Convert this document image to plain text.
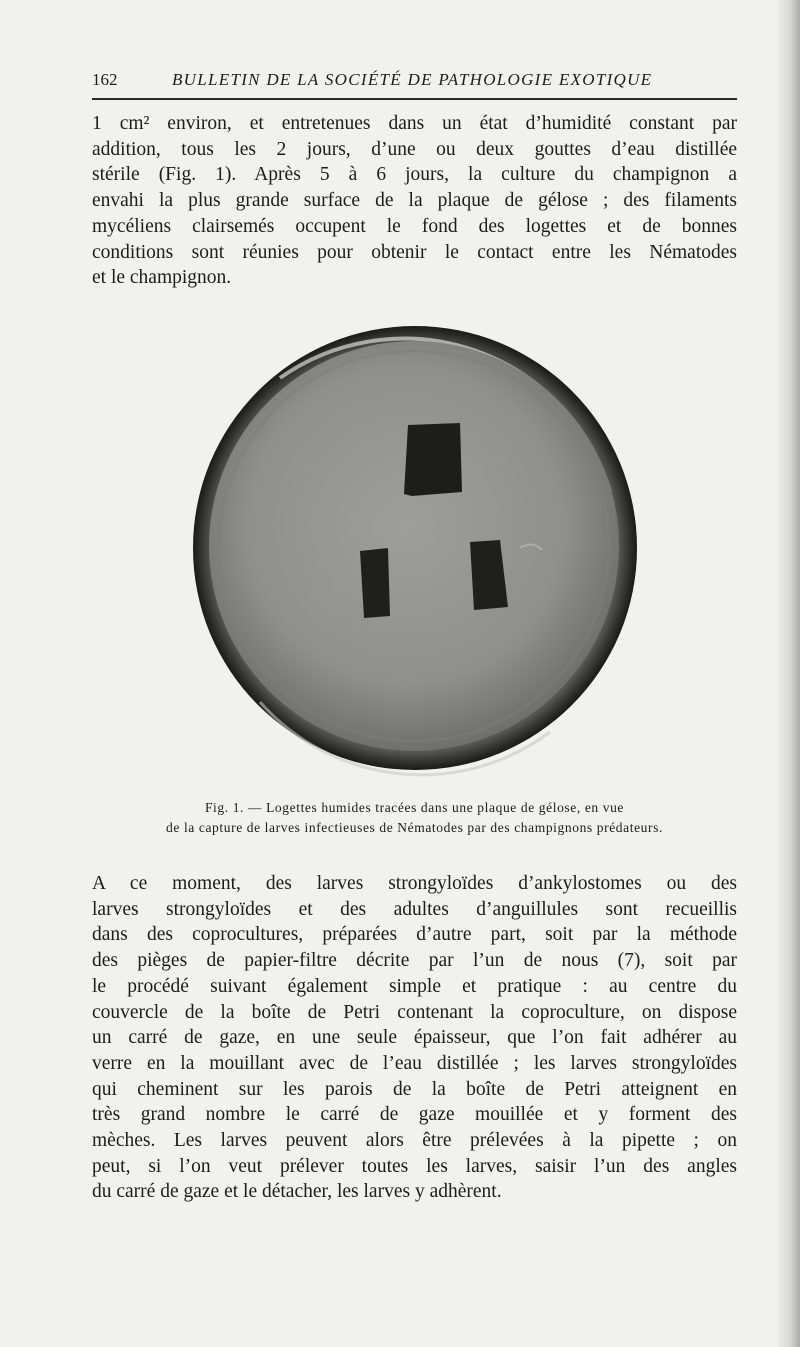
162	BULLETIN DE LA SOCIÉTÉ DE PATHOLOGIE EXOTIQUE

1 cm² environ, et entretenues dans un état d’humidité constant par
addition, tous les 2 jours, d’une ou deux gouttes d’eau distillée
stérile (Fig. 1). Après 5 à 6 jours, la culture du champignon a
envahi la plus grande surface de la plaque de gélose ; des filaments
mycéliens clairsemés occupent le fond des logettes et de bonnes
conditions sont réunies pour obtenir le contact entre les Nématodes
et le champignon.

Fig. 1. — Logettes humides tracées dans une plaque de gélose, en vue
de la capture de larves infectieuses de Nématodes par des champignons prédateurs.

A ce moment, des larves strongyloïdes d’ankylostomes ou des
larves strongyloïdes et des adultes d’anguillules sont recueillis
dans des coprocultures, préparées d’autre part, soit par la méthode
des pièges de papier-filtre décrite par l’un de nous (7), soit par
le procédé suivant également simple et pratique : au centre du
couvercle de la boîte de Petri contenant la coproculture, on dispose
un carré de gaze, en une seule épaisseur, que l’on fait adhérer au
verre en la mouillant avec de l’eau distillée ; les larves strongyloïdes
qui cheminent sur les parois de la boîte de Petri atteignent en
très grand nombre le carré de gaze mouillée et y forment des
mèches. Les larves peuvent alors être prélevées à la pipette ; on
peut, si l’on veut prélever toutes les larves, saisir l’un des angles
du carré de gaze et le détacher, les larves y adhèrent.
